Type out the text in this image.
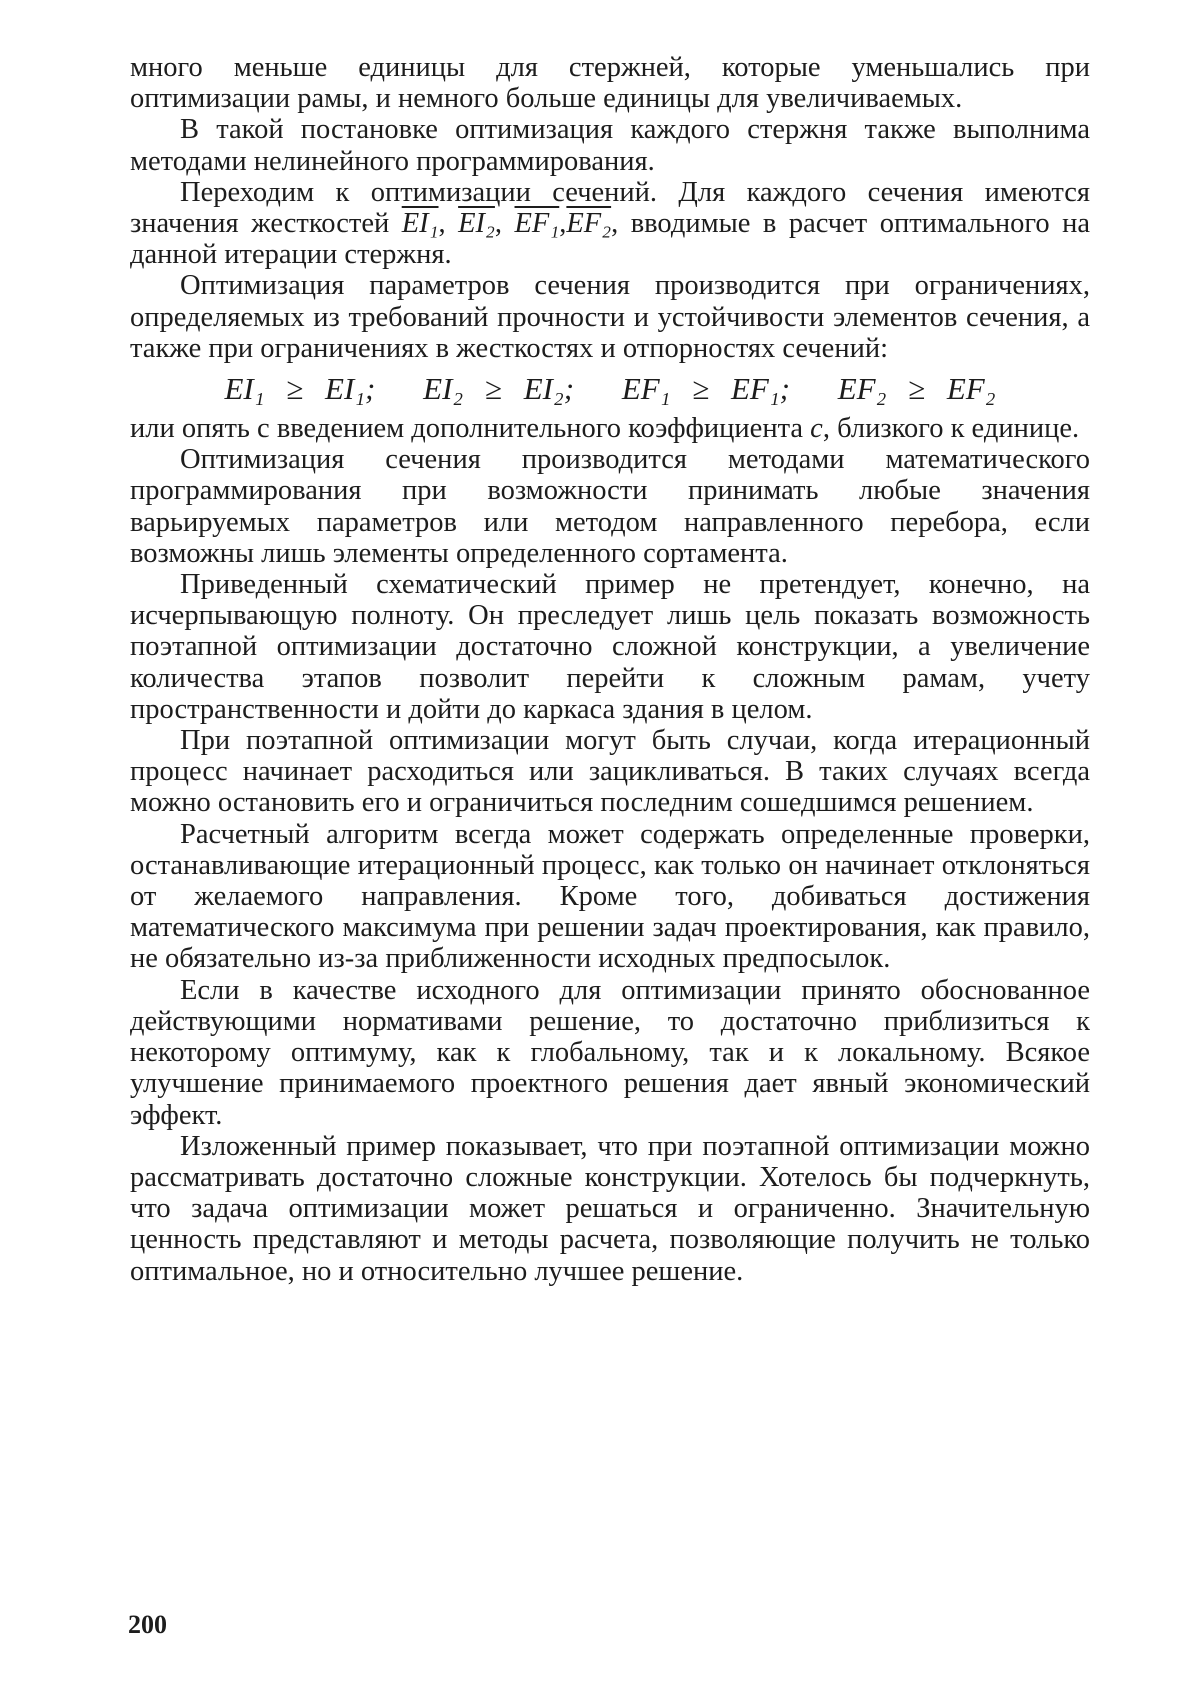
много меньше единицы для стержней, которые уменьшались при оптимизации рамы, и немного больше единицы для увеличиваемых.

В такой постановке оптимизация каждого стержня также выполнима методами нелинейного программирования.

Переходим к оптимизации сечений. Для каждого сечения имеются значения жесткостей EI₁, EI₂, EF₁,EF₂, вводимые в расчет оптимального на данной итерации стержня.

Оптимизация параметров сечения производится при ограничениях, определяемых из требований прочности и устойчивости элементов сечения, а также при ограничениях в жесткостях и отпорностях сечений:

EI₁ ≥ EI₁; EI₂ ≥ EI₂; EF₁ ≥ EF₁; EF₂ ≥ EF₂

или опять с введением дополнительного коэффициента c, близкого к единице.

Оптимизация сечения производится методами математического программирования при возможности принимать любые значения варьируемых параметров или методом направленного перебора, если возможны лишь элементы определенного сортамента.

Приведенный схематический пример не претендует, конечно, на исчерпывающую полноту. Он преследует лишь цель показать возможность поэтапной оптимизации достаточно сложной конструкции, а увеличение количества этапов позволит перейти к сложным рамам, учету пространственности и дойти до каркаса здания в целом.

При поэтапной оптимизации могут быть случаи, когда итерационный процесс начинает расходиться или зацикливаться. В таких случаях всегда можно остановить его и ограничиться последним сошедшимся решением.

Расчетный алгоритм всегда может содержать определенные проверки, останавливающие итерационный процесс, как только он начинает отклоняться от желаемого направления. Кроме того, добиваться достижения математического максимума при решении задач проектирования, как правило, не обязательно из-за приближенности исходных предпосылок.

Если в качестве исходного для оптимизации принято обоснованное действующими нормативами решение, то достаточно приблизиться к некоторому оптимуму, как к глобальному, так и к локальному. Всякое улучшение принимаемого проектного решения дает явный экономический эффект.

Изложенный пример показывает, что при поэтапной оптимизации можно рассматривать достаточно сложные конструкции. Хотелось бы подчеркнуть, что задача оптимизации может решаться и ограниченно. Значительную ценность представляют и методы расчета, позволяющие получить не только оптимальное, но и относительно лучшее решение.

200
